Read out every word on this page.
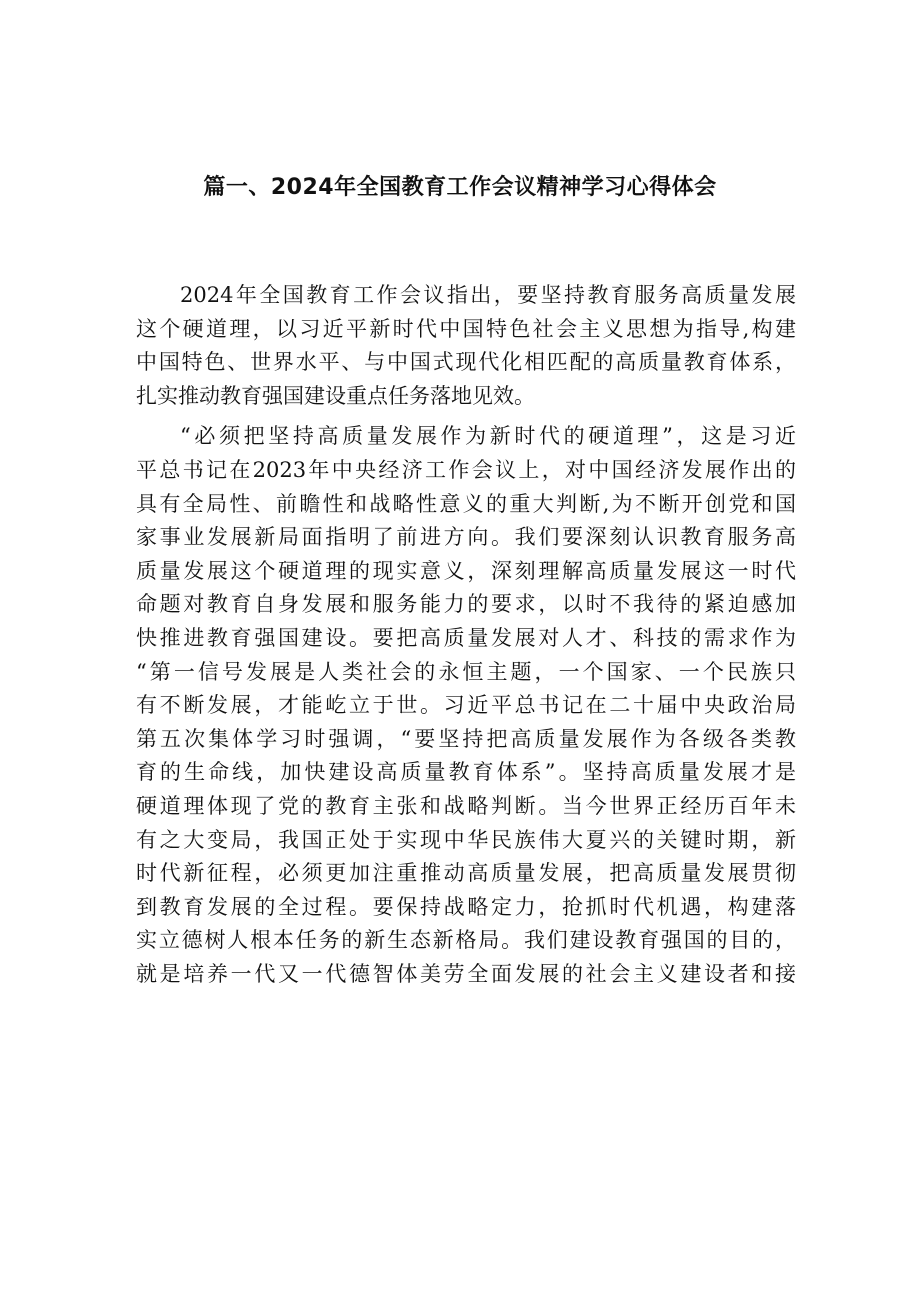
篇一、2024年全国教育工作会议精神学习心得体会
2024年全国教育工作会议指出，要坚持教育服务高质量发展
这个硬道理，以习近平新时代中国特色社会主义思想为指导,构建
中国特色、世界水平、与中国式现代化相匹配的高质量教育体系，
扎实推动教育强国建设重点任务落地见效。
“必须把坚持高质量发展作为新时代的硬道理”，这是习近
平总书记在2023年中央经济工作会议上，对中国经济发展作出的
具有全局性、前瞻性和战略性意义的重大判断,为不断开创党和国
家事业发展新局面指明了前进方向。我们要深刻认识教育服务高
质量发展这个硬道理的现实意义，深刻理解高质量发展这一时代
命题对教育自身发展和服务能力的要求，以时不我待的紧迫感加
快推进教育强国建设。要把高质量发展对人才、科技的需求作为
“第一信号发展是人类社会的永恒主题，一个国家、一个民族只
有不断发展，才能屹立于世。习近平总书记在二十届中央政治局
第五次集体学习时强调，“要坚持把高质量发展作为各级各类教
育的生命线，加快建设高质量教育体系”。坚持高质量发展才是
硬道理体现了党的教育主张和战略判断。当今世界正经历百年未
有之大变局，我国正处于实现中华民族伟大夏兴的关键时期，新
时代新征程，必须更加注重推动高质量发展，把高质量发展贯彻
到教育发展的全过程。要保持战略定力，抢抓时代机遇，构建落
实立德树人根本任务的新生态新格局。我们建设教育强国的目的，
就是培养一代又一代德智体美劳全面发展的社会主义建设者和接
